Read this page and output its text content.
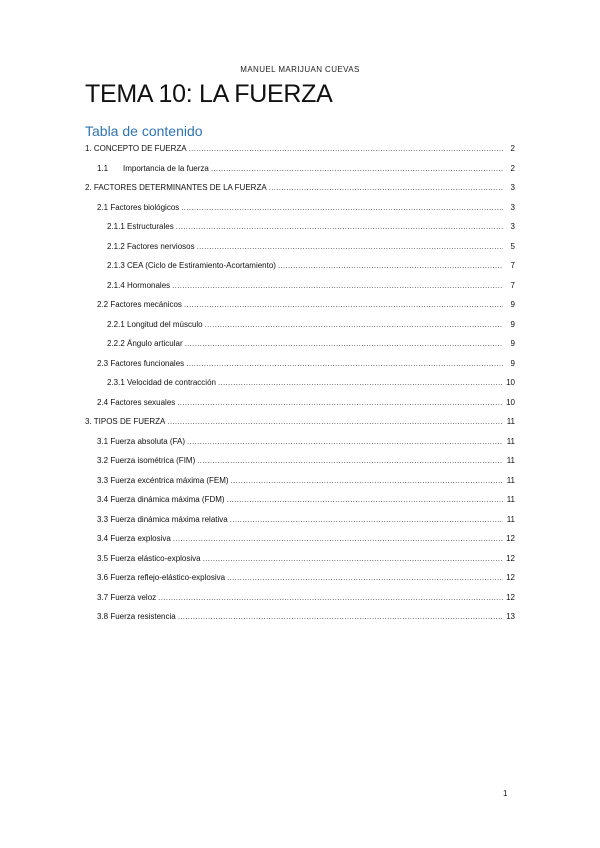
MANUEL MARIJUAN CUEVAS
TEMA 10: LA FUERZA
Tabla de contenido
1. CONCEPTO DE FUERZA .....	2
1.1 Importancia de la fuerza .....	2
2. FACTORES DETERMINANTES DE LA FUERZA .....	3
2.1 Factores biológicos .....	3
2.1.1 Estructurales .....	3
2.1.2 Factores nerviosos .....	5
2.1.3 CEA (Ciclo de Estiramiento-Acortamiento) .....	7
2.1.4 Hormonales .....	7
2.2 Factores mecánicos .....	9
2.2.1 Longitud del músculo .....	9
2.2.2 Ángulo articular .....	9
2.3 Factores funcionales .....	9
2.3.1 Velocidad de contracción .....	10
2.4 Factores sexuales .....	10
3. TIPOS DE FUERZA .....	11
3.1 Fuerza absoluta (FA) .....	11
3.2 Fuerza isométrica (FIM) .....	11
3.3 Fuerza excéntrica máxima (FEM) .....	11
3.4 Fuerza dinámica máxima (FDM) .....	11
3.3 Fuerza dinámica máxima relativa .....	11
3.4 Fuerza explosiva .....	12
3.5 Fuerza elástico-explosiva .....	12
3.6 Fuerza reflejo-elástico-explosiva .....	12
3.7 Fuerza veloz .....	12
3.8 Fuerza resistencia .....	13
1
